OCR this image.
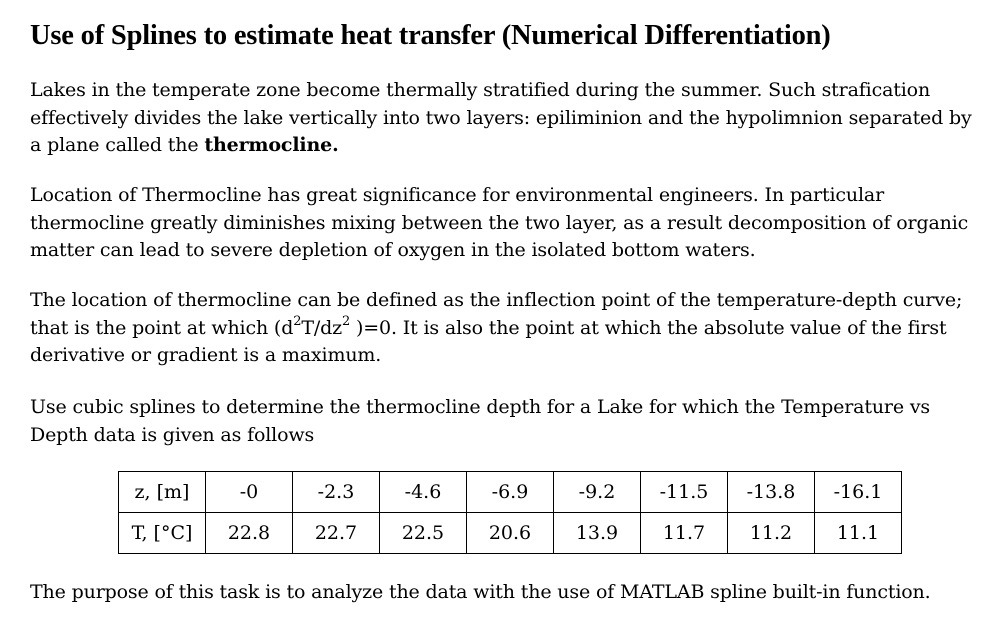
Use of Splines to estimate heat transfer (Numerical Differentiation)

Lakes in the temperate zone become thermally stratified during the summer. Such strafication effectively divides the lake vertically into two layers: epiliminion and the hypolimnion separated by a plane called the thermocline.

Location of Thermocline has great significance for environmental engineers. In particular thermocline greatly diminishes mixing between the two layer, as a result decomposition of organic matter can lead to severe depletion of oxygen in the isolated bottom waters.

The location of thermocline can be defined as the inflection point of the temperature-depth curve; that is the point at which ($d^2T/dz^2$ )=0. It is also the point at which the absolute value of the first derivative or gradient is a maximum.

Use cubic splines to determine the thermocline depth for a Lake for which the Temperature vs Depth data is given as follows

z, [m]	-0	-2.3	-4.6	-6.9	-9.2	-11.5	-13.8	-16.1
T, [°C]	22.8	22.7	22.5	20.6	13.9	11.7	11.2	11.1

The purpose of this task is to analyze the data with the use of MATLAB spline built-in function.
